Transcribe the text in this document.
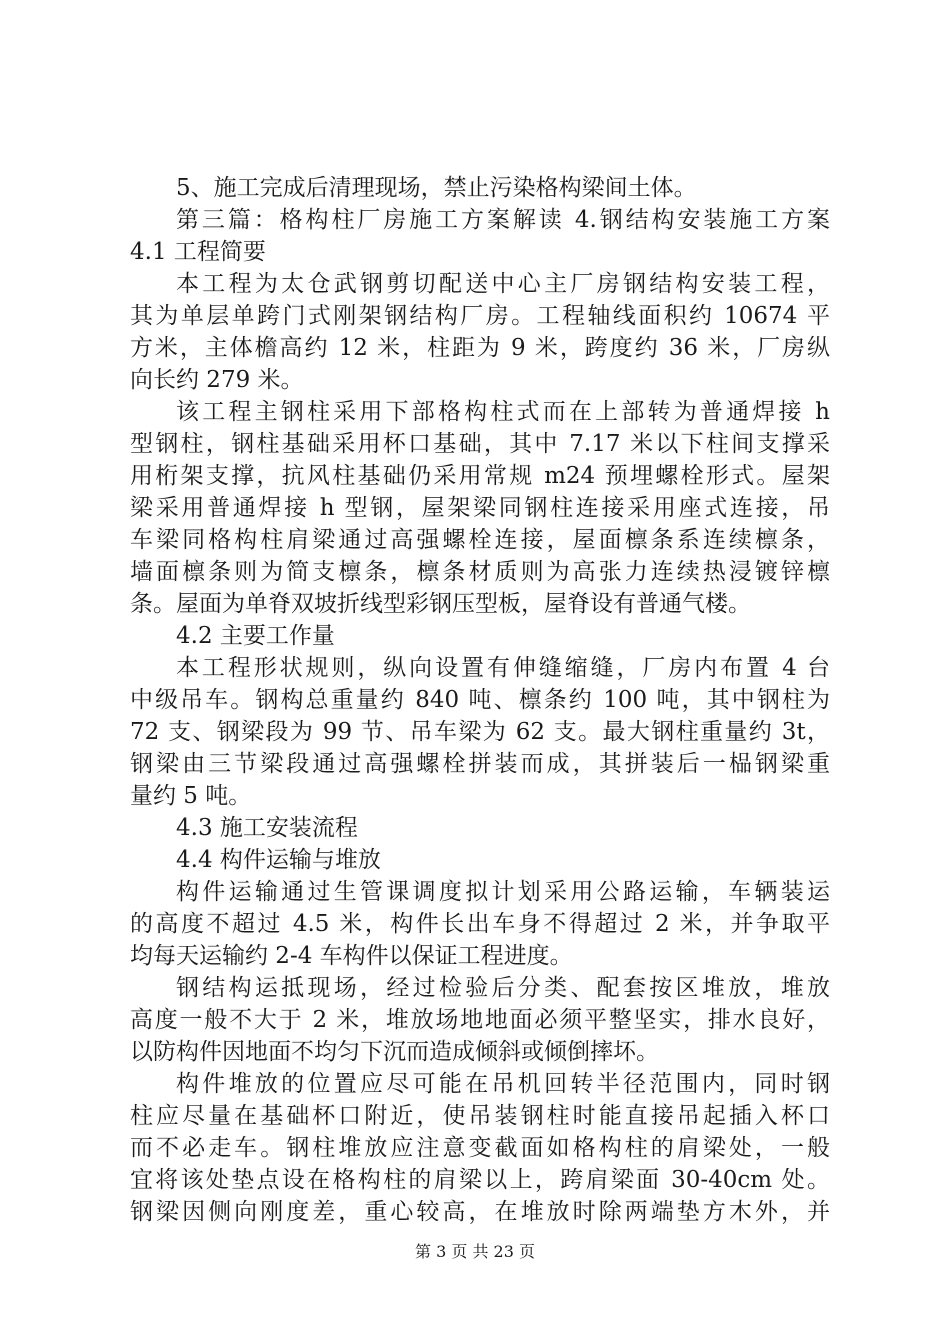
5、施工完成后清理现场，禁止污染格构梁间土体。
第三篇：格构柱厂房施工方案解读 4.钢结构安装施工方案
4.1 工程简要
本工程为太仓武钢剪切配送中心主厂房钢结构安装工程，
其为单层单跨门式刚架钢结构厂房。工程轴线面积约 10674 平
方米，主体檐高约 12 米，柱距为 9 米，跨度约 36 米，厂房纵
向长约 279 米。
该工程主钢柱采用下部格构柱式而在上部转为普通焊接 h
型钢柱，钢柱基础采用杯口基础，其中 7.17 米以下柱间支撑采
用桁架支撑，抗风柱基础仍采用常规 m24 预埋螺栓形式。屋架
梁采用普通焊接 h 型钢，屋架梁同钢柱连接采用座式连接，吊
车梁同格构柱肩梁通过高强螺栓连接，屋面檩条系连续檩条，
墙面檩条则为简支檩条，檩条材质则为高张力连续热浸镀锌檩
条。屋面为单脊双坡折线型彩钢压型板，屋脊设有普通气楼。
4.2 主要工作量
本工程形状规则，纵向设置有伸缝缩缝，厂房内布置 4 台
中级吊车。钢构总重量约 840 吨、檩条约 100 吨，其中钢柱为
72 支、钢梁段为 99 节、吊车梁为 62 支。最大钢柱重量约 3t，
钢梁由三节梁段通过高强螺栓拼装而成，其拼装后一榀钢梁重
量约 5 吨。
4.3 施工安装流程
4.4 构件运输与堆放
构件运输通过生管课调度拟计划采用公路运输，车辆装运
的高度不超过 4.5 米，构件长出车身不得超过 2 米，并争取平
均每天运输约 2-4 车构件以保证工程进度。
钢结构运抵现场，经过检验后分类、配套按区堆放，堆放
高度一般不大于 2 米，堆放场地地面必须平整坚实，排水良好，
以防构件因地面不均匀下沉而造成倾斜或倾倒摔坏。
构件堆放的位置应尽可能在吊机回转半径范围内，同时钢
柱应尽量在基础杯口附近，使吊装钢柱时能直接吊起插入杯口
而不必走车。钢柱堆放应注意变截面如格构柱的肩梁处，一般
宜将该处垫点设在格构柱的肩梁以上，跨肩梁面 30-40cm 处。
钢梁因侧向刚度差，重心较高，在堆放时除两端垫方木外，并
第 3 页 共 23 页
